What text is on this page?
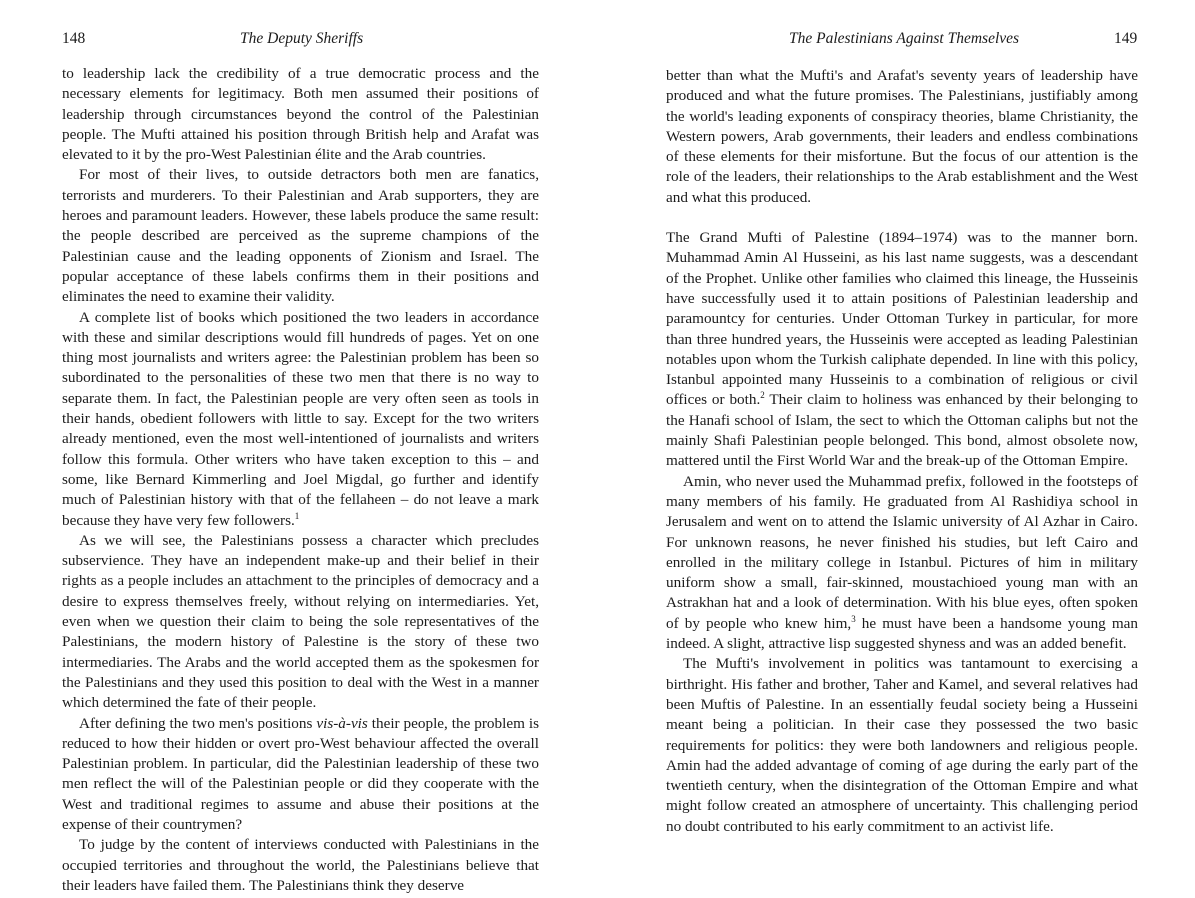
148	The Deputy Sheriffs

to leadership lack the credibility of a true democratic process and the necessary elements for legitimacy. Both men assumed their positions of leadership through circumstances beyond the control of the Palestinian people. The Mufti attained his position through British help and Arafat was elevated to it by the pro-West Palestinian élite and the Arab countries.

For most of their lives, to outside detractors both men are fanatics, terrorists and murderers. To their Palestinian and Arab supporters, they are heroes and paramount leaders. However, these labels produce the same result: the people described are perceived as the supreme champions of the Palestinian cause and the leading opponents of Zionism and Israel. The popular acceptance of these labels confirms them in their positions and eliminates the need to examine their validity.

A complete list of books which positioned the two leaders in accordance with these and similar descriptions would fill hundreds of pages. Yet on one thing most journalists and writers agree: the Palestinian problem has been so subordinated to the personalities of these two men that there is no way to separate them. In fact, the Palestinian people are very often seen as tools in their hands, obedient followers with little to say. Except for the two writers already mentioned, even the most well-intentioned of journalists and writers follow this formula. Other writers who have taken exception to this – and some, like Bernard Kimmerling and Joel Migdal, go further and identify much of Palestinian history with that of the fellaheen – do not leave a mark because they have very few followers.$^1$

As we will see, the Palestinians possess a character which precludes subservience. They have an independent make-up and their belief in their rights as a people includes an attachment to the principles of democracy and a desire to express themselves freely, without relying on intermediaries. Yet, even when we question their claim to being the sole representatives of the Palestinians, the modern history of Palestine is the story of these two intermediaries. The Arabs and the world accepted them as the spokesmen for the Palestinians and they used this position to deal with the West in a manner which determined the fate of their people.

After defining the two men's positions vis-à-vis their people, the problem is reduced to how their hidden or overt pro-West behaviour affected the overall Palestinian problem. In particular, did the Palestinian leadership of these two men reflect the will of the Palestinian people or did they cooperate with the West and traditional regimes to assume and abuse their positions at the expense of their countrymen?

To judge by the content of interviews conducted with Palestinians in the occupied territories and throughout the world, the Palestinians believe that their leaders have failed them. The Palestinians think they deserve

The Palestinians Against Themselves	149

better than what the Mufti's and Arafat's seventy years of leadership have produced and what the future promises. The Palestinians, justifiably among the world's leading exponents of conspiracy theories, blame Christianity, the Western powers, Arab governments, their leaders and endless combinations of these elements for their misfortune. But the focus of our attention is the role of the leaders, their relationships to the Arab establishment and the West and what this produced.

The Grand Mufti of Palestine (1894–1974) was to the manner born. Muhammad Amin Al Husseini, as his last name suggests, was a descendant of the Prophet. Unlike other families who claimed this lineage, the Husseinis have successfully used it to attain positions of Palestinian leadership and paramountcy for centuries. Under Ottoman Turkey in particular, for more than three hundred years, the Husseinis were accepted as leading Palestinian notables upon whom the Turkish caliphate depended. In line with this policy, Istanbul appointed many Husseinis to a combination of religious or civil offices or both.$^2$ Their claim to holiness was enhanced by their belonging to the Hanafi school of Islam, the sect to which the Ottoman caliphs but not the mainly Shafi Palestinian people belonged. This bond, almost obsolete now, mattered until the First World War and the break-up of the Ottoman Empire.

Amin, who never used the Muhammad prefix, followed in the footsteps of many members of his family. He graduated from Al Rashidiya school in Jerusalem and went on to attend the Islamic university of Al Azhar in Cairo. For unknown reasons, he never finished his studies, but left Cairo and enrolled in the military college in Istanbul. Pictures of him in military uniform show a small, fair-skinned, moustachioed young man with an Astrakhan hat and a look of determination. With his blue eyes, often spoken of by people who knew him,$^3$ he must have been a handsome young man indeed. A slight, attractive lisp suggested shyness and was an added benefit.

The Mufti's involvement in politics was tantamount to exercising a birthright. His father and brother, Taher and Kamel, and several relatives had been Muftis of Palestine. In an essentially feudal society being a Husseini meant being a politician. In their case they possessed the two basic requirements for politics: they were both landowners and religious people. Amin had the added advantage of coming of age during the early part of the twentieth century, when the disintegration of the Ottoman Empire and what might follow created an atmosphere of uncertainty. This challenging period no doubt contributed to his early commitment to an activist life.
